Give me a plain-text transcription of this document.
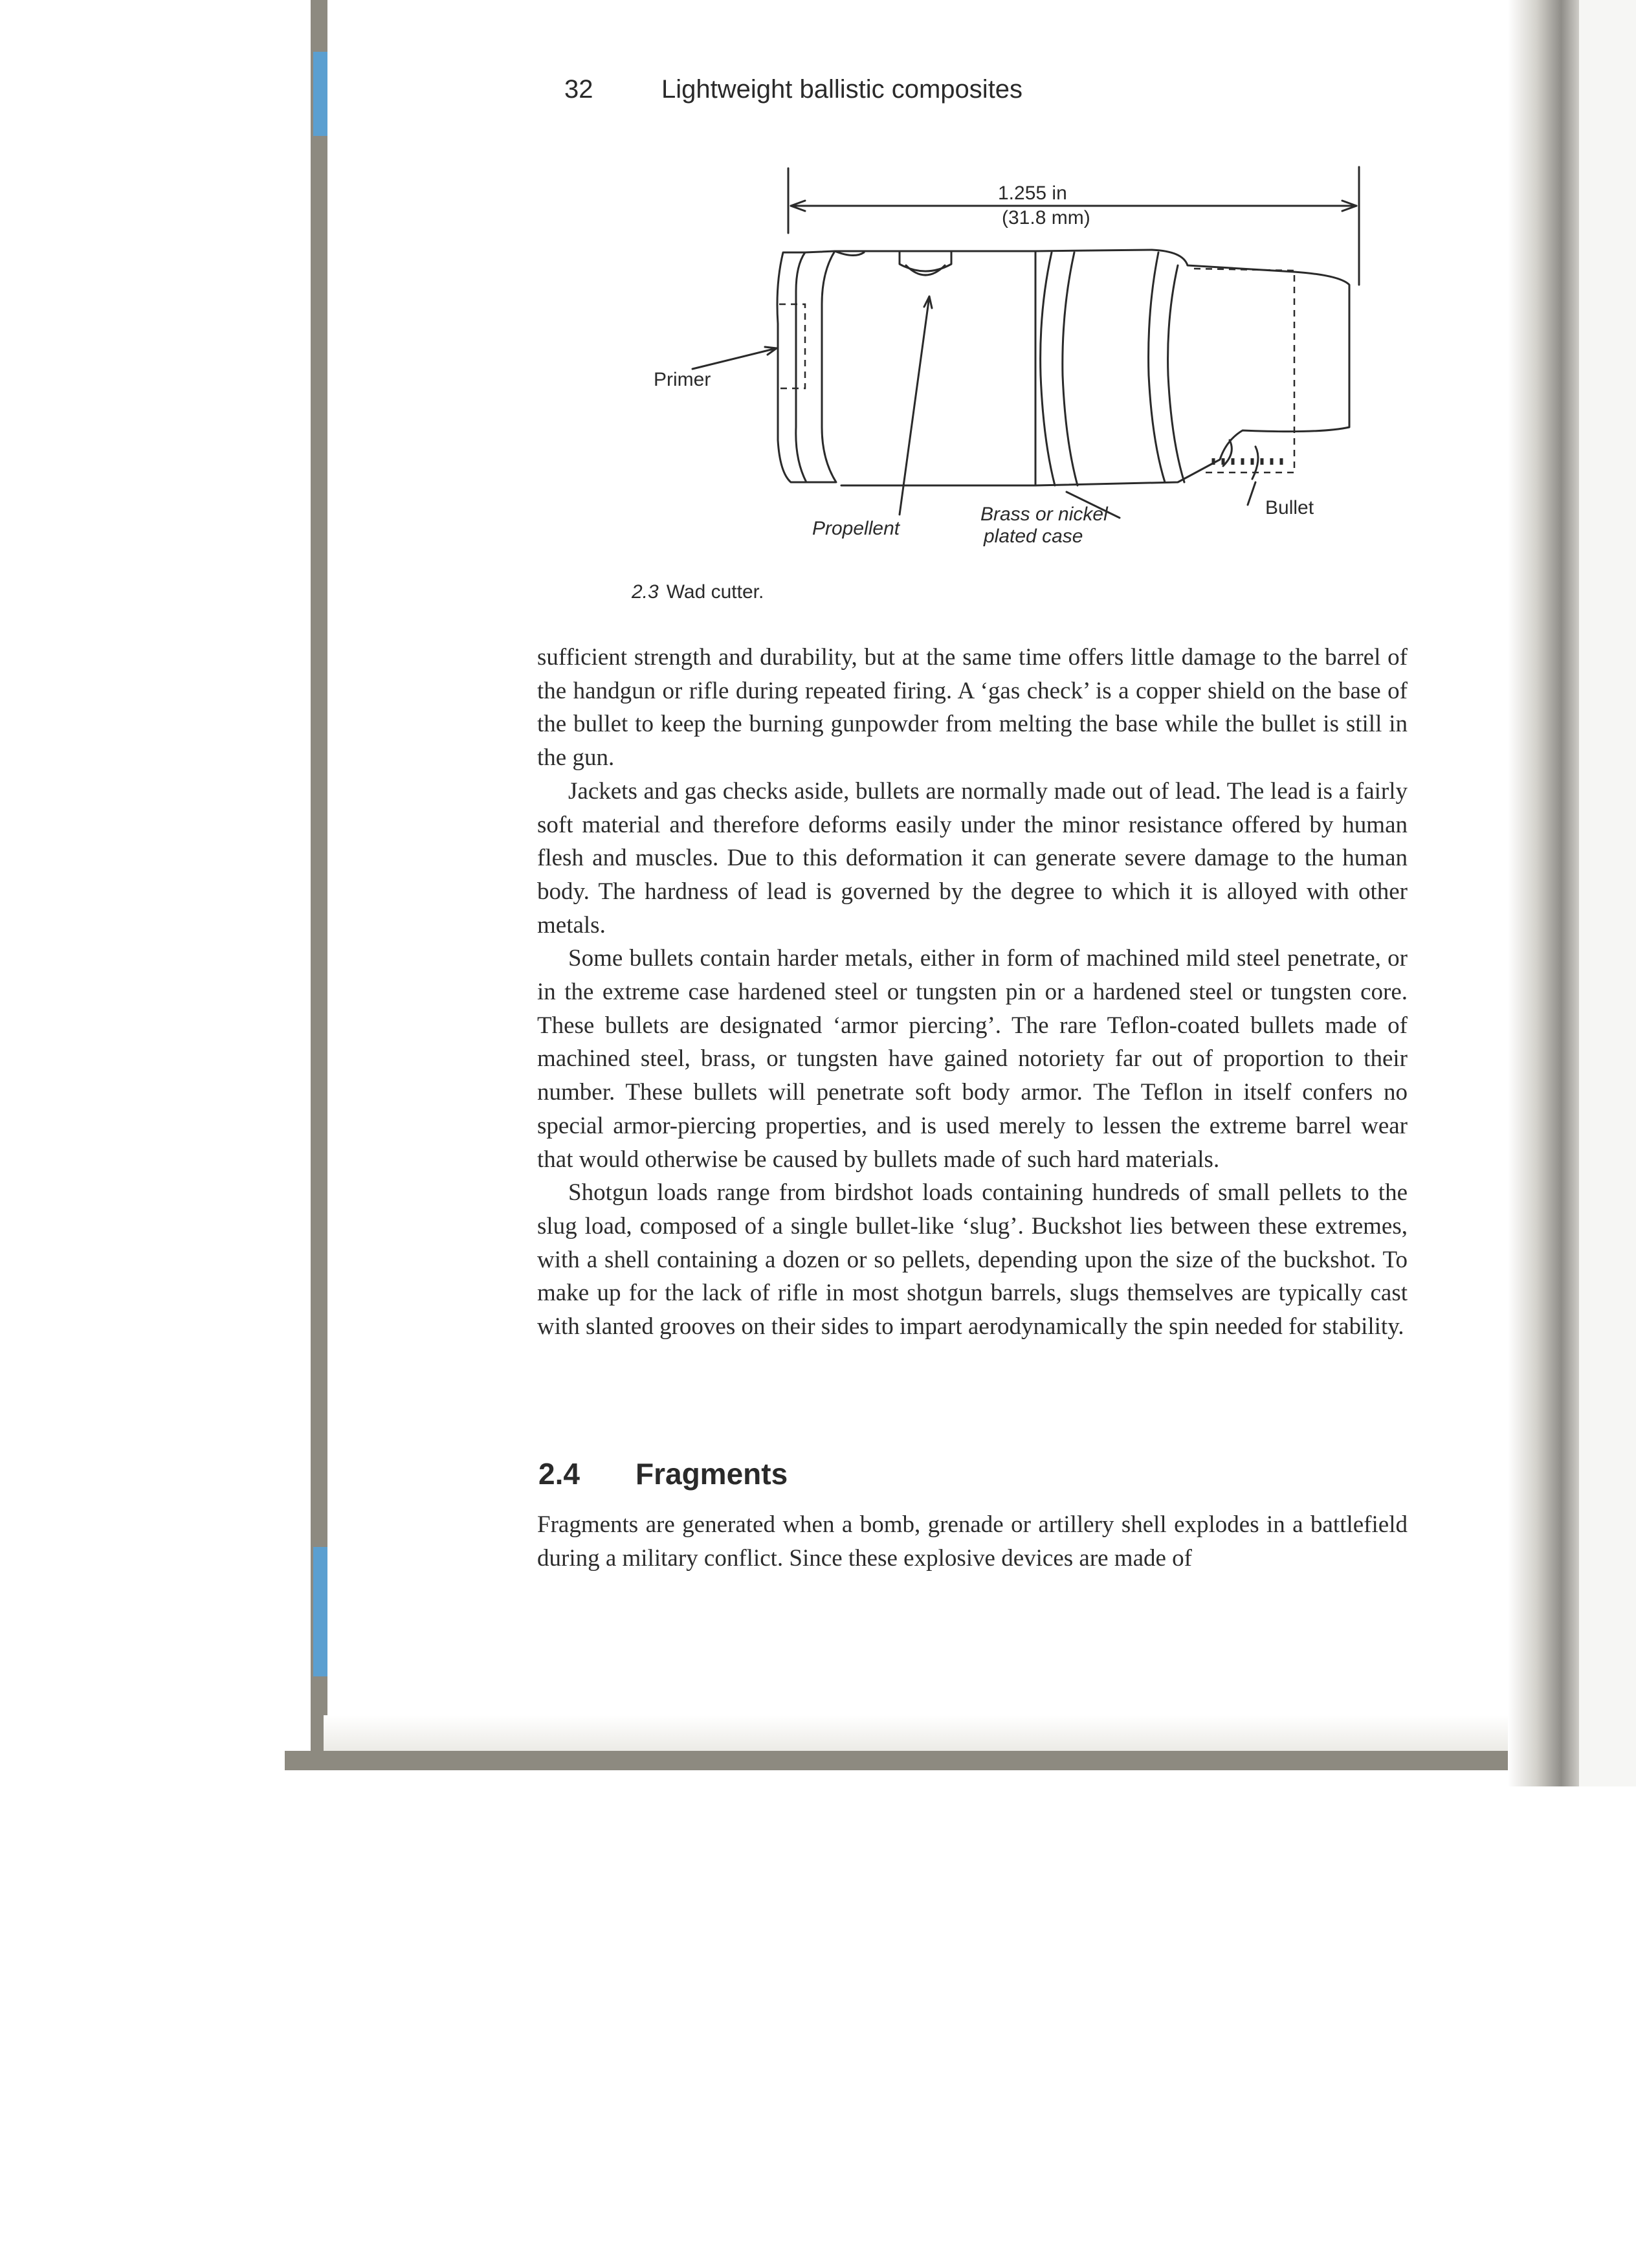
32	Lightweight ballistic composites
1.255 in
(31.8 mm)
Primer
Propellent
Brass or nickel
plated case
Bullet
2.3 Wad cutter.

sufficient strength and durability, but at the same time offers little damage to the barrel of the handgun or rifle during repeated firing. A ‘gas check’ is a copper shield on the base of the bullet to keep the burning gunpowder from melting the base while the bullet is still in the gun.

Jackets and gas checks aside, bullets are normally made out of lead. The lead is a fairly soft material and therefore deforms easily under the minor resistance offered by human flesh and muscles. Due to this deformation it can generate severe damage to the human body. The hardness of lead is governed by the degree to which it is alloyed with other metals.

Some bullets contain harder metals, either in form of machined mild steel penetrate, or in the extreme case hardened steel or tungsten pin or a hardened steel or tungsten core. These bullets are designated ‘armor piercing’. The rare Teflon-coated bullets made of machined steel, brass, or tungsten have gained notoriety far out of proportion to their number. These bullets will penetrate soft body armor. The Teflon in itself confers no special armor-piercing properties, and is used merely to lessen the extreme barrel wear that would otherwise be caused by bullets made of such hard materials.

Shotgun loads range from birdshot loads containing hundreds of small pellets to the slug load, composed of a single bullet-like ‘slug’. Buckshot lies between these extremes, with a shell containing a dozen or so pellets, depending upon the size of the buckshot. To make up for the lack of rifle in most shotgun barrels, slugs themselves are typically cast with slanted grooves on their sides to impart aerodynamically the spin needed for stability.

2.4 Fragments

Fragments are generated when a bomb, grenade or artillery shell explodes in a battlefield during a military conflict. Since these explosive devices are made of
